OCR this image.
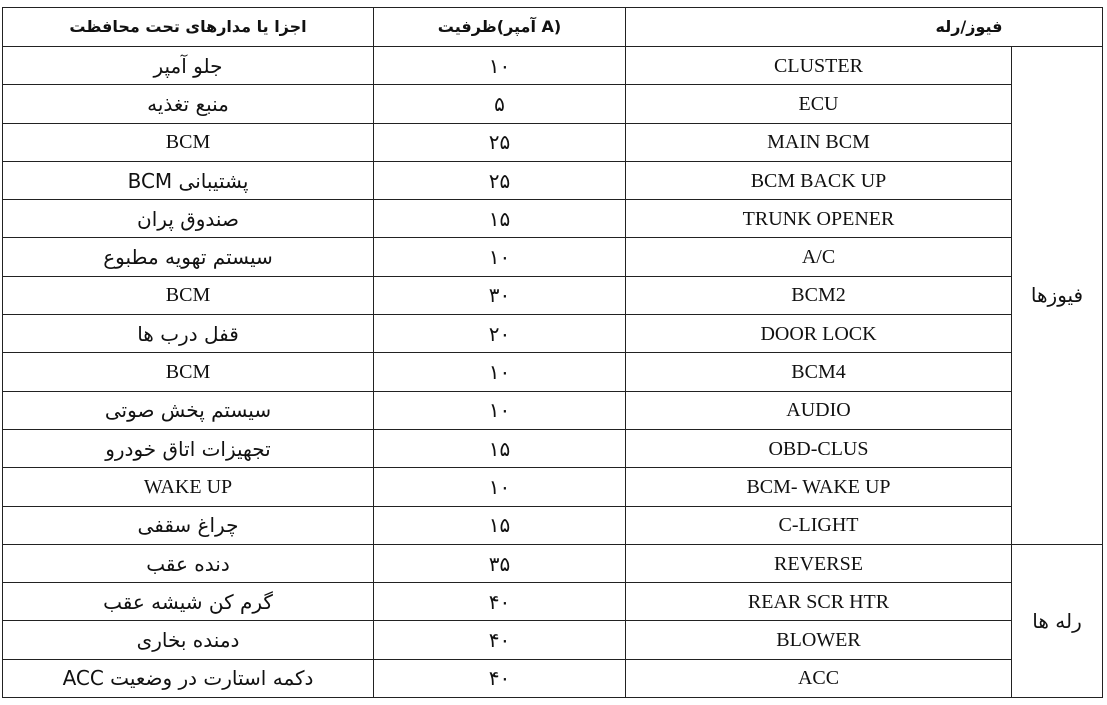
اجزا یا مدارهای تحت محافظت	ظرفیت(آمپر A)	فیوز/رله	
جلو آمپر	۱۰	CLUSTER	فیوزها
منبع تغذیه	۵	ECU	
BCM	۲۵	MAIN BCM	
پشتیبانی BCM	۲۵	BCM BACK UP	
صندوق پران	۱۵	TRUNK OPENER	
سیستم تهویه مطبوع	۱۰	A/C	
BCM	۳۰	BCM2	
قفل درب ها	۲۰	DOOR LOCK	
BCM	۱۰	BCM4	
سیستم پخش صوتی	۱۰	AUDIO	
تجهیزات اتاق خودرو	۱۵	OBD-CLUS	
WAKE UP	۱۰	BCM- WAKE UP	
چراغ سقفی	۱۵	C-LIGHT	
دنده عقب	۳۵	REVERSE	رله ها
گرم کن شیشه عقب	۴۰	REAR SCR HTR	
دمنده بخاری	۴۰	BLOWER	
دکمه استارت در وضعیت ACC	۴۰	ACC	
